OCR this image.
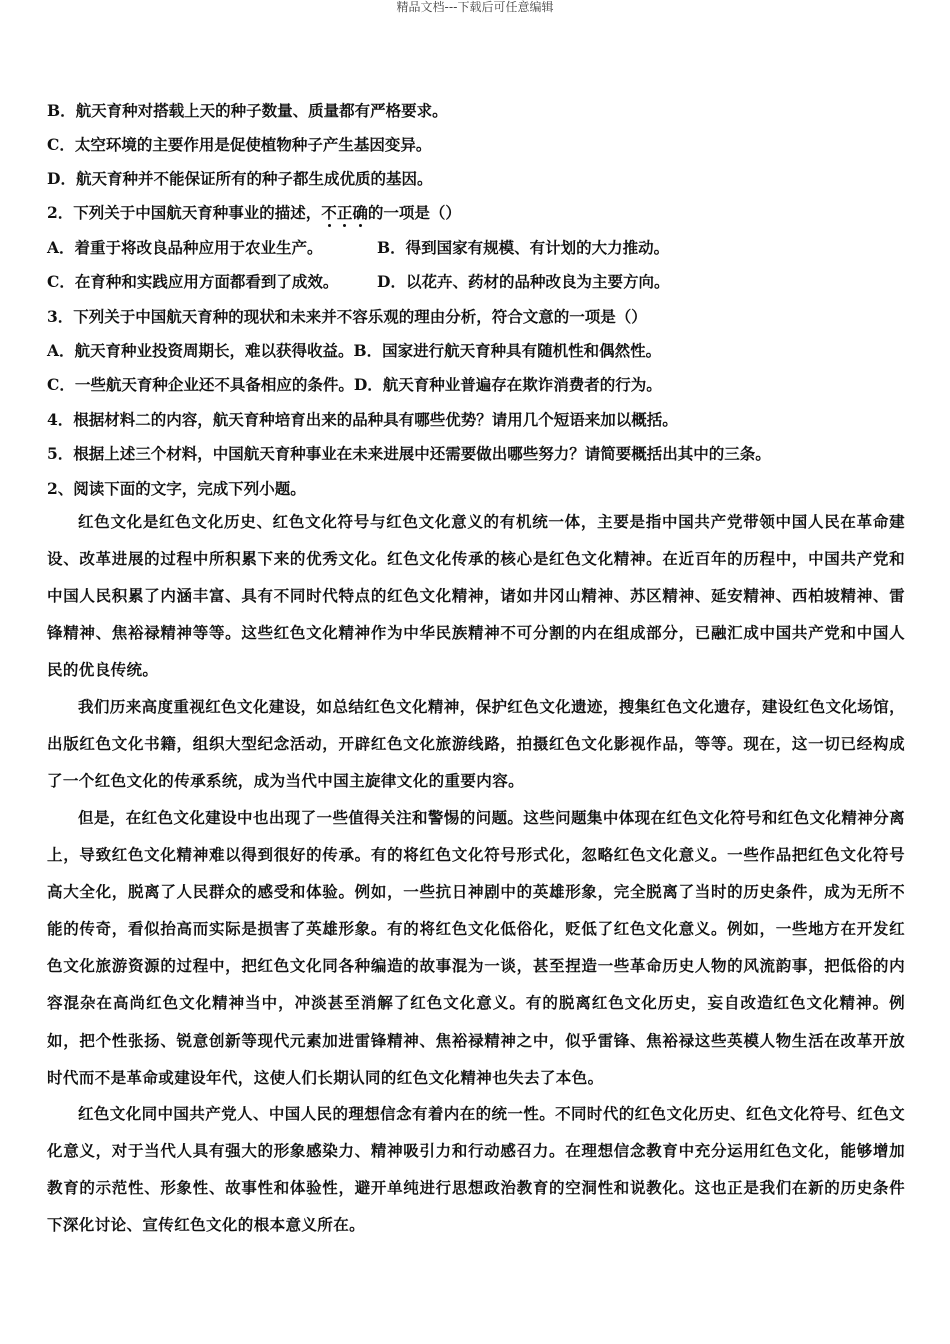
精品文档---下载后可任意编辑
B．航天育种对搭载上天的种子数量、质量都有严格要求。
C．太空环境的主要作用是促使植物种子产生基因变异。
D．航天育种并不能保证所有的种子都生成优质的基因。
2．下列关于中国航天育种事业的描述，不正确的一项是（）
A．着重于将改良品种应用于农业生产。	B．得到国家有规模、有计划的大力推动。
C．在育种和实践应用方面都看到了成效。 D．以花卉、药材的品种改良为主要方向。
3．下列关于中国航天育种的现状和未来并不容乐观的理由分析，符合文意的一项是（）
A．航天育种业投资周期长，难以获得收益。B．国家进行航天育种具有随机性和偶然性。
C．一些航天育种企业还不具备相应的条件。D．航天育种业普遍存在欺诈消费者的行为。
4．根据材料二的内容，航天育种培育出来的品种具有哪些优势？请用几个短语来加以概括。
5．根据上述三个材料，中国航天育种事业在未来进展中还需要做出哪些努力？请简要概括出其中的三条。
2、阅读下面的文字，完成下列小题。

红色文化是红色文化历史、红色文化符号与红色文化意义的有机统一体，主要是指中国共产党带领中国人民在革命建设、改革进展的过程中所积累下来的优秀文化。红色文化传承的核心是红色文化精神。在近百年的历程中，中国共产党和中国人民积累了内涵丰富、具有不同时代特点的红色文化精神，诸如井冈山精神、苏区精神、延安精神、西柏坡精神、雷锋精神、焦裕禄精神等等。这些红色文化精神作为中华民族精神不可分割的内在组成部分，已融汇成中国共产党和中国人民的优良传统。

我们历来高度重视红色文化建设，如总结红色文化精神，保护红色文化遗迹，搜集红色文化遗存，建设红色文化场馆，出版红色文化书籍，组织大型纪念活动，开辟红色文化旅游线路，拍摄红色文化影视作品，等等。现在，这一切已经构成了一个红色文化的传承系统，成为当代中国主旋律文化的重要内容。

但是，在红色文化建设中也出现了一些值得关注和警惕的问题。这些问题集中体现在红色文化符号和红色文化精神分离上，导致红色文化精神难以得到很好的传承。有的将红色文化符号形式化，忽略红色文化意义。一些作品把红色文化符号高大全化，脱离了人民群众的感受和体验。例如，一些抗日神剧中的英雄形象，完全脱离了当时的历史条件，成为无所不能的传奇，看似抬高而实际是损害了英雄形象。有的将红色文化低俗化，贬低了红色文化意义。例如，一些地方在开发红色文化旅游资源的过程中，把红色文化同各种编造的故事混为一谈，甚至捏造一些革命历史人物的风流韵事，把低俗的内容混杂在高尚红色文化精神当中，冲淡甚至消解了红色文化意义。有的脱离红色文化历史，妄自改造红色文化精神。例如，把个性张扬、锐意创新等现代元素加进雷锋精神、焦裕禄精神之中，似乎雷锋、焦裕禄这些英模人物生活在改革开放时代而不是革命或建设年代，这使人们长期认同的红色文化精神也失去了本色。

红色文化同中国共产党人、中国人民的理想信念有着内在的统一性。不同时代的红色文化历史、红色文化符号、红色文化意义，对于当代人具有强大的形象感染力、精神吸引力和行动感召力。在理想信念教育中充分运用红色文化，能够增加教育的示范性、形象性、故事性和体验性，避开单纯进行思想政治教育的空洞性和说教化。这也正是我们在新的历史条件下深化讨论、宣传红色文化的根本意义所在。
